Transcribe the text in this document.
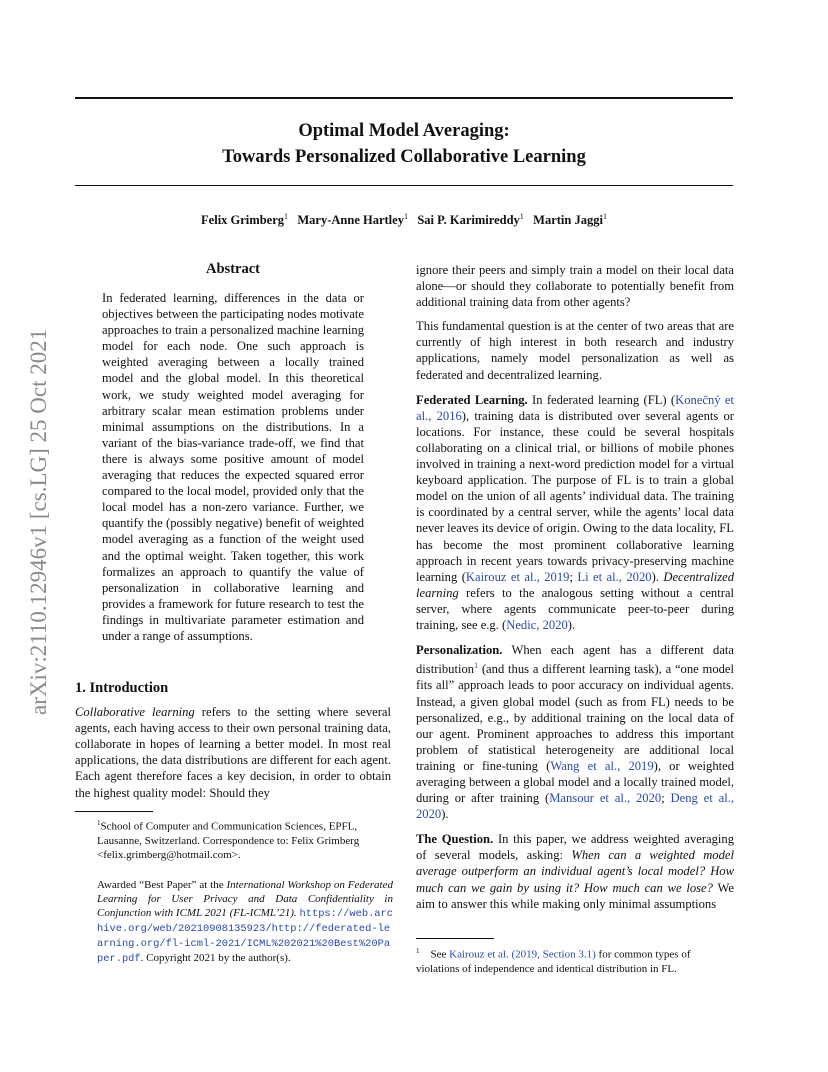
arXiv:2110.12946v1 [cs.LG] 25 Oct 2021
Optimal Model Averaging:
Towards Personalized Collaborative Learning
Felix Grimberg$^1$ Mary-Anne Hartley$^1$ Sai P. Karimireddy$^1$ Martin Jaggi$^1$
Abstract
In federated learning, differences in the data or objectives between the participating nodes motivate approaches to train a personalized machine learning model for each node. One such approach is weighted averaging between a locally trained model and the global model. In this theoretical work, we study weighted model averaging for arbitrary scalar mean estimation problems under minimal assumptions on the distributions. In a variant of the bias-variance trade-off, we find that there is always some positive amount of model averaging that reduces the expected squared error compared to the local model, provided only that the local model has a non-zero variance. Further, we quantify the (possibly negative) benefit of weighted model averaging as a function of the weight used and the optimal weight. Taken together, this work formalizes an approach to quantify the value of personalization in collaborative learning and provides a framework for future research to test the findings in multivariate parameter estimation and under a range of assumptions.
1. Introduction

Collaborative learning refers to the setting where several agents, each having access to their own personal training data, collaborate in hopes of learning a better model. In most real applications, the data distributions are different for each agent. Each agent therefore faces a key decision, in order to obtain the highest quality model: Should they

$^1$School of Computer and Communication Sciences, EPFL, Lausanne, Switzerland. Correspondence to: Felix Grimberg <felix.grimberg@hotmail.com>.
Awarded “Best Paper” at the International Workshop on Federated Learning for User Privacy and Data Confidentiality in Conjunction with ICML 2021 (FL-ICML’21). https://web.archive.org/web/20210908135923/http://federated-learning.org/fl-icml-2021/ICML%202021%20Best%20Paper.pdf. Copyright 2021 by the author(s).

ignore their peers and simply train a model on their local data alone—or should they collaborate to potentially benefit from additional training data from other agents?

This fundamental question is at the center of two areas that are currently of high interest in both research and industry applications, namely model personalization as well as federated and decentralized learning.

Federated Learning. In federated learning (FL) (Konečný et al., 2016), training data is distributed over several agents or locations. For instance, these could be several hospitals collaborating on a clinical trial, or billions of mobile phones involved in training a next-word prediction model for a virtual keyboard application. The purpose of FL is to train a global model on the union of all agents’ individual data. The training is coordinated by a central server, while the agents’ local data never leaves its device of origin. Owing to the data locality, FL has become the most prominent collaborative learning approach in recent years towards privacy-preserving machine learning (Kairouz et al., 2019; Li et al., 2020). Decentralized learning refers to the analogous setting without a central server, where agents communicate peer-to-peer during training, see e.g. (Nedic, 2020).

Personalization. When each agent has a different data distribution$^1$ (and thus a different learning task), a “one model fits all” approach leads to poor accuracy on individual agents. Instead, a given global model (such as from FL) needs to be personalized, e.g., by additional training on the local data of our agent. Prominent approaches to address this important problem of statistical heterogeneity are additional local training or fine-tuning (Wang et al., 2019), or weighted averaging between a global model and a locally trained model, during or after training (Mansour et al., 2020; Deng et al., 2020).

The Question. In this paper, we address weighted averaging of several models, asking: When can a weighted model average outperform an individual agent’s local model? How much can we gain by using it? How much can we lose? We aim to answer this while making only minimal assumptions

$^1$ See Kairouz et al. (2019, Section 3.1) for common types of violations of independence and identical distribution in FL.
